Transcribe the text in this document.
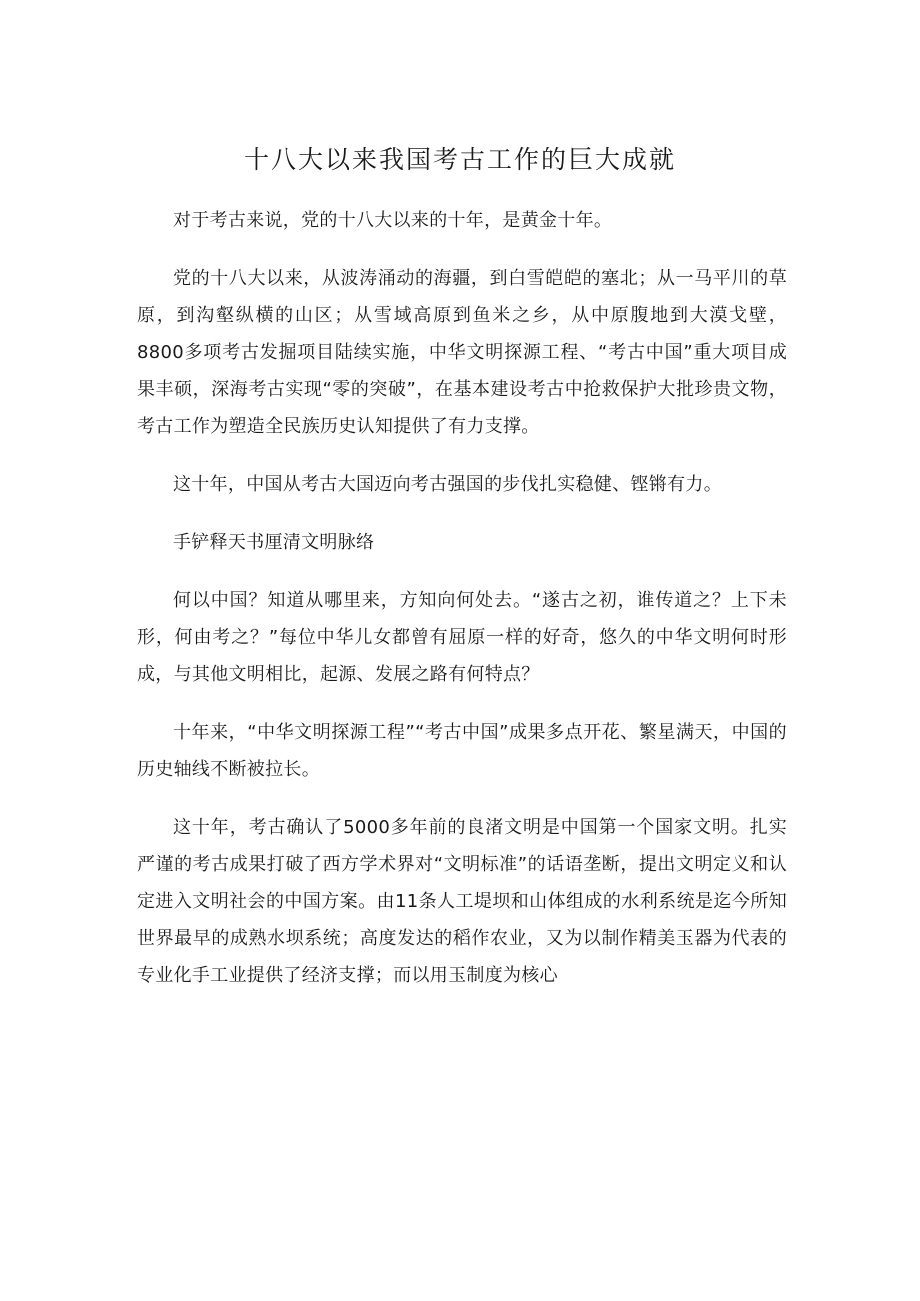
十八大以来我国考古工作的巨大成就

对于考古来说，党的十八大以来的十年，是黄金十年。

党的十八大以来，从波涛涌动的海疆，到白雪皑皑的塞北；从一马平川的草原，到沟壑纵横的山区；从雪域高原到鱼米之乡，从中原腹地到大漠戈壁，8800多项考古发掘项目陆续实施，中华文明探源工程、“考古中国”重大项目成果丰硕，深海考古实现“零的突破”，在基本建设考古中抢救保护大批珍贵文物，考古工作为塑造全民族历史认知提供了有力支撑。

这十年，中国从考古大国迈向考古强国的步伐扎实稳健、铿锵有力。

手铲释天书厘清文明脉络

何以中国？知道从哪里来，方知向何处去。“遂古之初，谁传道之？上下未形，何由考之？”每位中华儿女都曾有屈原一样的好奇，悠久的中华文明何时形成，与其他文明相比，起源、发展之路有何特点？

十年来，“中华文明探源工程”“考古中国”成果多点开花、繁星满天，中国的历史轴线不断被拉长。

这十年，考古确认了5000多年前的良渚文明是中国第一个国家文明。扎实严谨的考古成果打破了西方学术界对“文明标准”的话语垄断，提出文明定义和认定进入文明社会的中国方案。由11条人工堤坝和山体组成的水利系统是迄今所知世界最早的成熟水坝系统；高度发达的稻作农业，又为以制作精美玉器为代表的专业化手工业提供了经济支撑；而以用玉制度为核心
